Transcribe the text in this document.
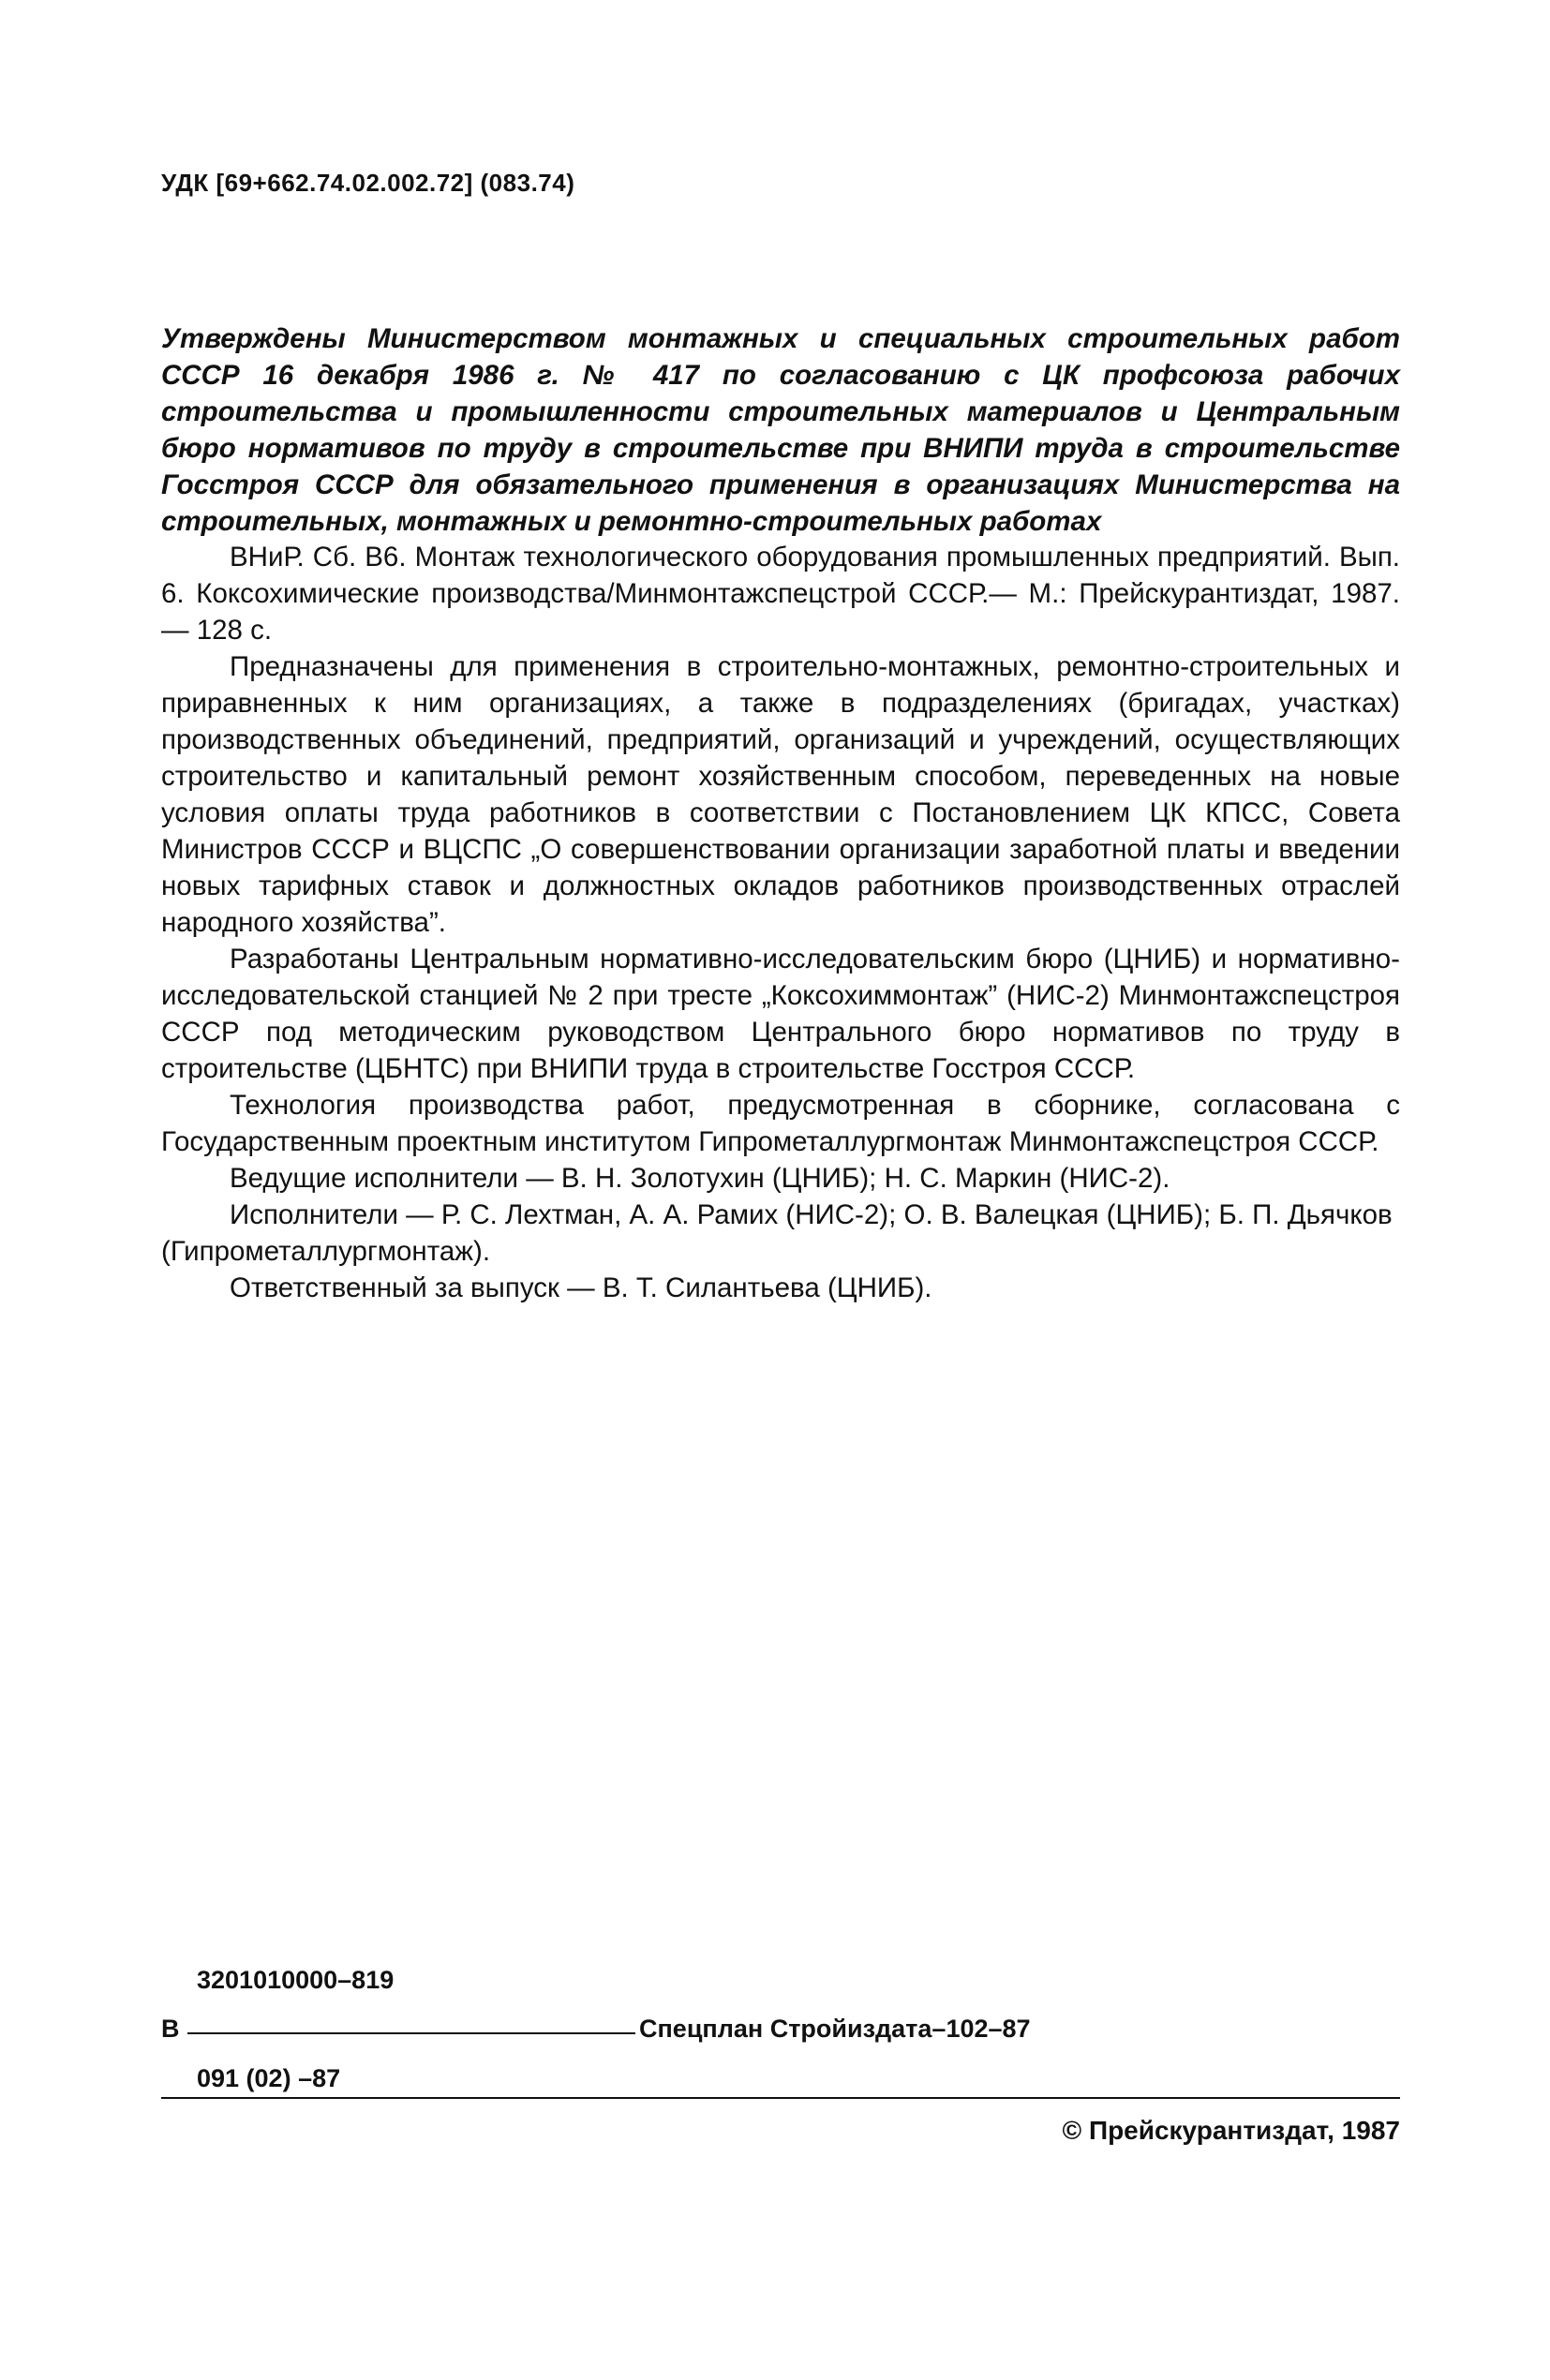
УДК [69+662.74.02.002.72] (083.74)
Утверждены Министерством монтажных и специальных строительных работ СССР 16 декабря 1986 г. № 417 по согласованию с ЦК профсоюза рабочих строительства и промышленности строительных материалов и Центральным бюро нормативов по труду в строительстве при ВНИПИ труда в строительстве Госстроя СССР для обязательного применения в организациях Министерства на строительных, монтажных и ремонтно-строительных работах

ВНиР. Сб. В6. Монтаж технологического оборудования промышленных предприятий. Вып. 6. Коксохимические производства/Минмонтажспецстрой СССР.— М.: Прейскурантиздат, 1987.— 128 с.

Предназначены для применения в строительно-монтажных, ремонтно-строительных и приравненных к ним организациях, а также в подразделениях (бригадах, участках) производственных объединений, предприятий, организаций и учреждений, осуществляющих строительство и капитальный ремонт хозяйственным способом, переведенных на новые условия оплаты труда работников в соответствии с Постановлением ЦК КПСС, Совета Министров СССР и ВЦСПС „О совершенствовании организации заработной платы и введении новых тарифных ставок и должностных окладов работников производственных отраслей народного хозяйства”.

Разработаны Центральным нормативно-исследовательским бюро (ЦНИБ) и нормативно-исследовательской станцией № 2 при тресте „Коксохиммонтаж” (НИС-2) Минмонтажспецстроя СССР под методическим руководством Центрального бюро нормативов по труду в строительстве (ЦБНТС) при ВНИПИ труда в строительстве Госстроя СССР.

Технология производства работ, предусмотренная в сборнике, согласована с Государственным проектным институтом Гипрометаллургмонтаж Минмонтажспецстроя СССР.

Ведущие исполнители — В. Н. Золотухин (ЦНИБ); Н. С. Маркин (НИС-2).

Исполнители — Р. С. Лехтман, А. А. Рамих (НИС-2); О. В. Валецкая (ЦНИБ); Б. П. Дьячков (Гипрометаллургмонтаж).

Ответственный за выпуск — В. Т. Силантьева (ЦНИБ).

3201010000–819
В	Спецплан Стройиздата–102–87
091 (02) –87
© Прейскурантиздат, 1987
